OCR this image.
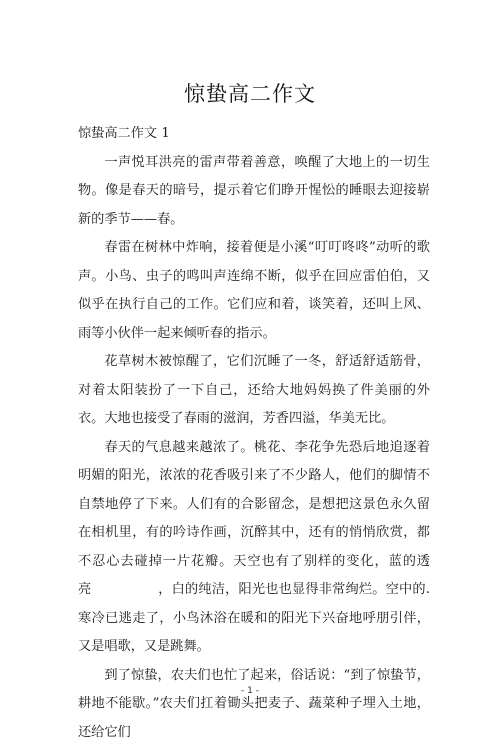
惊蛰高二作文

惊蛰高二作文 1

一声悦耳洪亮的雷声带着善意，唤醒了大地上的一切生物。像是春天的暗号，提示着它们睁开惺忪的睡眼去迎接崭新的季节——春。

春雷在树林中炸响，接着便是小溪“叮叮咚咚”动听的歌声。小鸟、虫子的鸣叫声连绵不断，似乎在回应雷伯伯，又似乎在执行自己的工作。它们应和着，谈笑着，还叫上风、雨等小伙伴一起来倾听春的指示。

花草树木被惊醒了，它们沉睡了一冬，舒适舒适筋骨，对着太阳装扮了一下自己，还给大地妈妈换了件美丽的外衣。大地也接受了春雨的滋润，芳香四溢，华美无比。

春天的气息越来越浓了。桃花、李花争先恐后地追逐着明媚的阳光，浓浓的花香吸引来了不少路人，他们的脚情不自禁地停了下来。人们有的合影留念，是想把这景色永久留在相机里，有的吟诗作画，沉醉其中，还有的悄悄欣赏，都不忍心去碰掉一片花瓣。天空也有了别样的变化，蓝的透亮　　　　　，白的纯洁，阳光也也显得非常绚烂。空中的.寒冷已逃走了，小鸟沐浴在暖和的阳光下兴奋地呼朋引伴，又是唱歌，又是跳舞。

到了惊蛰，农夫们也忙了起来，俗话说：“到了惊蛰节，耕地不能歇。”农夫们扛着锄头把麦子、蔬菜种子埋入土地，还给它们

- 1 -
